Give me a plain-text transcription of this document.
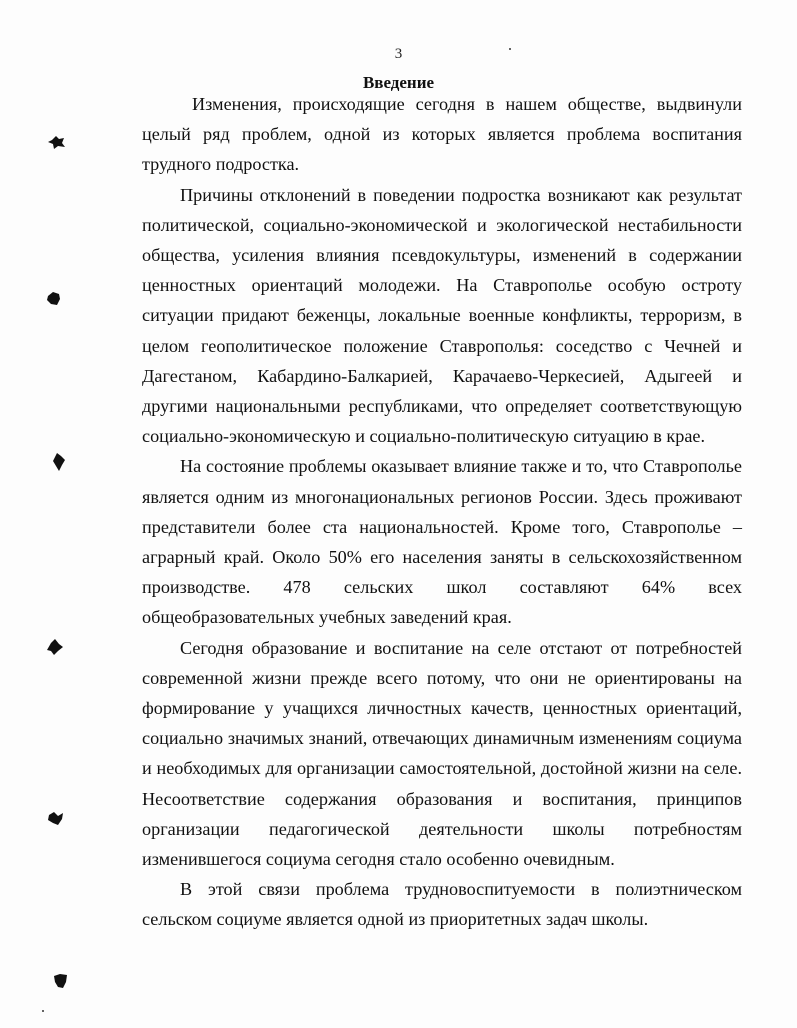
3
Введение

Изменения, происходящие сегодня в нашем обществе, выдвинули целый ряд проблем, одной из которых является проблема воспитания трудного подростка.

Причины отклонений в поведении подростка возникают как результат политической, социально-экономической и экологической нестабильности общества, усиления влияния псевдокультуры, изменений в содержании ценностных ориентаций молодежи. На Ставрополье особую остроту ситуации придают беженцы, локальные военные конфликты, терроризм, в целом геополитическое положение Ставрополья: соседство с Чечней и Дагестаном, Кабардино-Балкарией, Карачаево-Черкесией, Адыгеей и другими национальными республиками, что определяет соответствующую социально-экономическую и социально-политическую ситуацию в крае.

На состояние проблемы оказывает влияние также и то, что Ставрополье является одним из многонациональных регионов России. Здесь проживают представители более ста национальностей. Кроме того, Ставрополье – аграрный край. Около 50% его населения заняты в сельскохозяйственном производстве. 478 сельских школ составляют 64% всех общеобразовательных учебных заведений края.

Сегодня образование и воспитание на селе отстают от потребностей современной жизни прежде всего потому, что они не ориентированы на формирование у учащихся личностных качеств, ценностных ориентаций, социально значимых знаний, отвечающих динамичным изменениям социума и необходимых для организации самостоятельной, достойной жизни на селе. Несоответствие содержания образования и воспитания, принципов организации педагогической деятельности школы потребностям изменившегося социума сегодня стало особенно очевидным.

В этой связи проблема трудновоспитуемости в полиэтническом сельском социуме является одной из приоритетных задач школы.
